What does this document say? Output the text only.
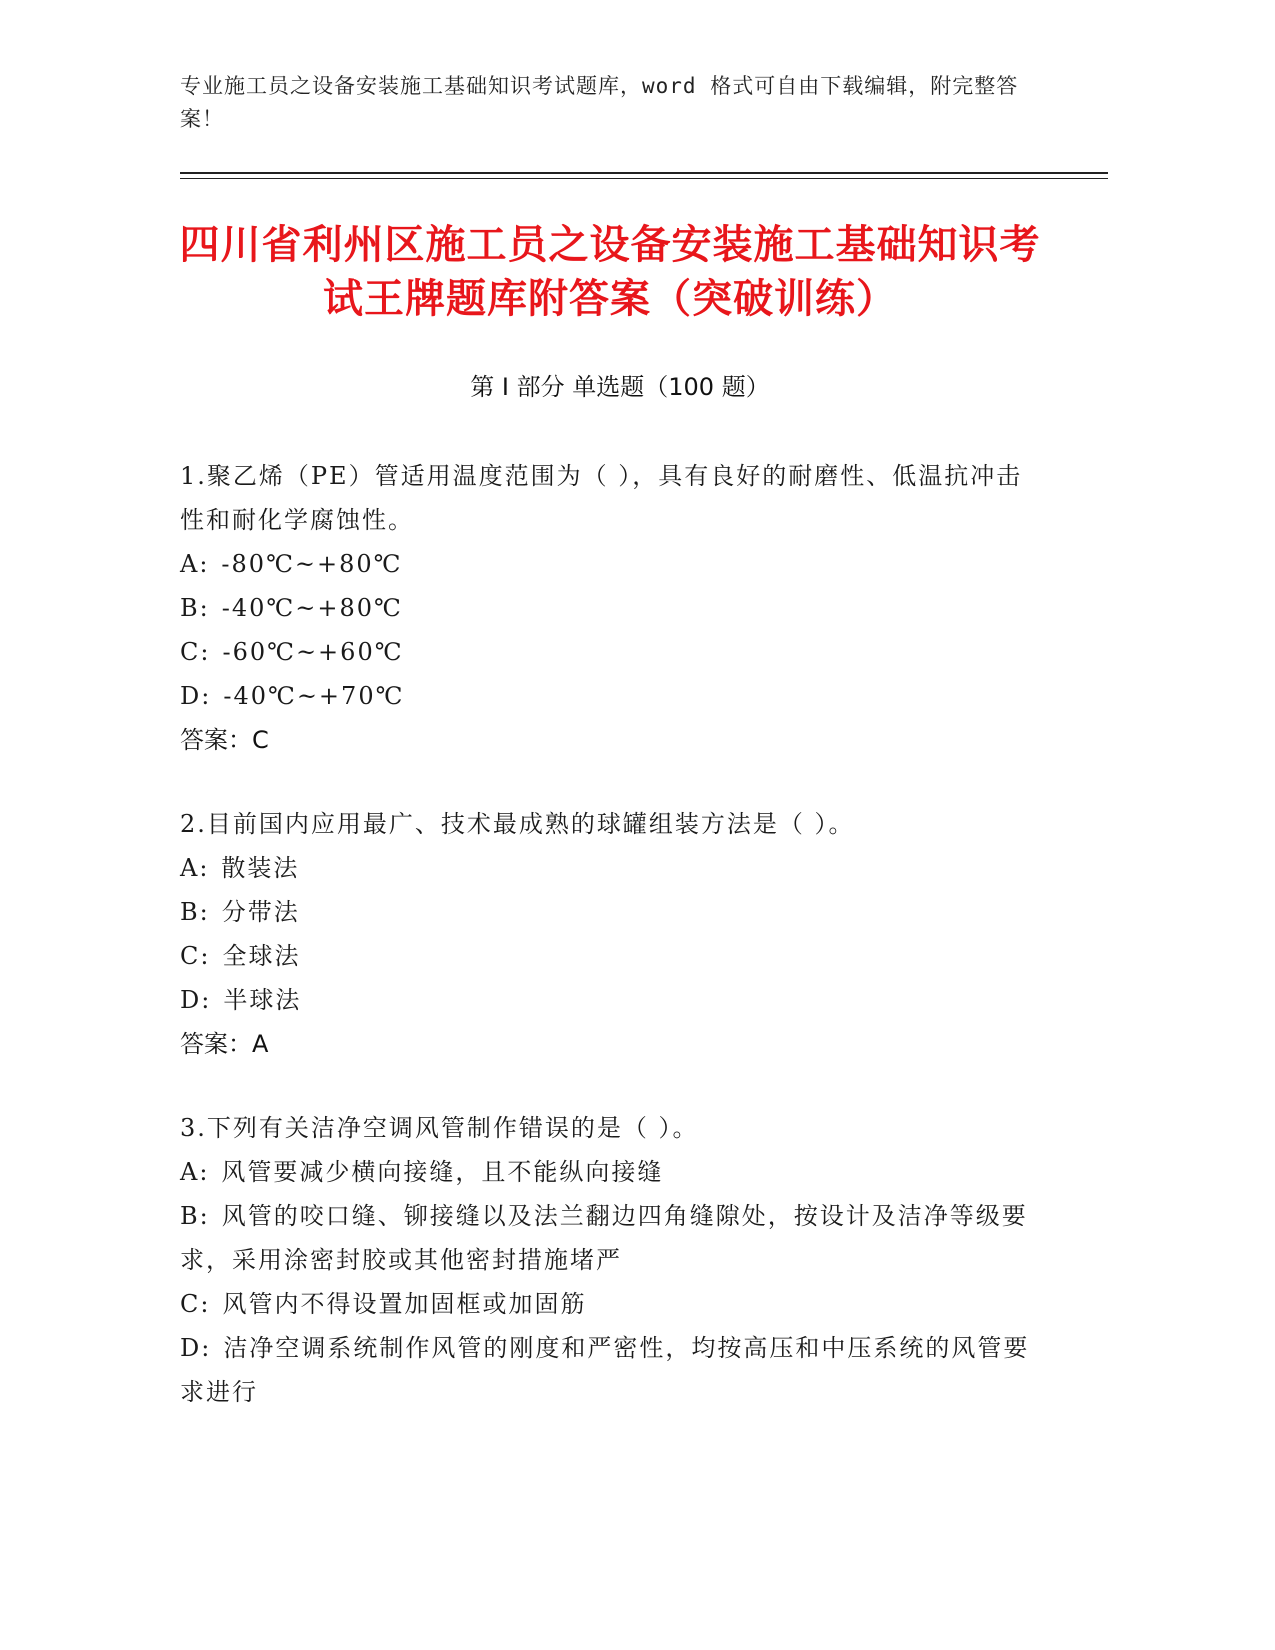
专业施工员之设备安装施工基础知识考试题库，word 格式可自由下载编辑，附完整答案！
四川省利州区施工员之设备安装施工基础知识考试王牌题库附答案（突破训练）
第 I 部分 单选题（100 题）
1.聚乙烯（PE）管适用温度范围为（ ），具有良好的耐磨性、低温抗冲击性和耐化学腐蚀性。
A: -80℃~+80℃
B: -40℃~+80℃
C: -60℃~+60℃
D: -40℃~+70℃
答案：C
2.目前国内应用最广、技术最成熟的球罐组装方法是（ ）。
A: 散装法
B: 分带法
C: 全球法
D: 半球法
答案：A
3.下列有关洁净空调风管制作错误的是（ ）。
A: 风管要减少横向接缝，且不能纵向接缝
B: 风管的咬口缝、铆接缝以及法兰翻边四角缝隙处，按设计及洁净等级要求，采用涂密封胶或其他密封措施堵严
C: 风管内不得设置加固框或加固筋
D: 洁净空调系统制作风管的刚度和严密性，均按高压和中压系统的风管要求进行
